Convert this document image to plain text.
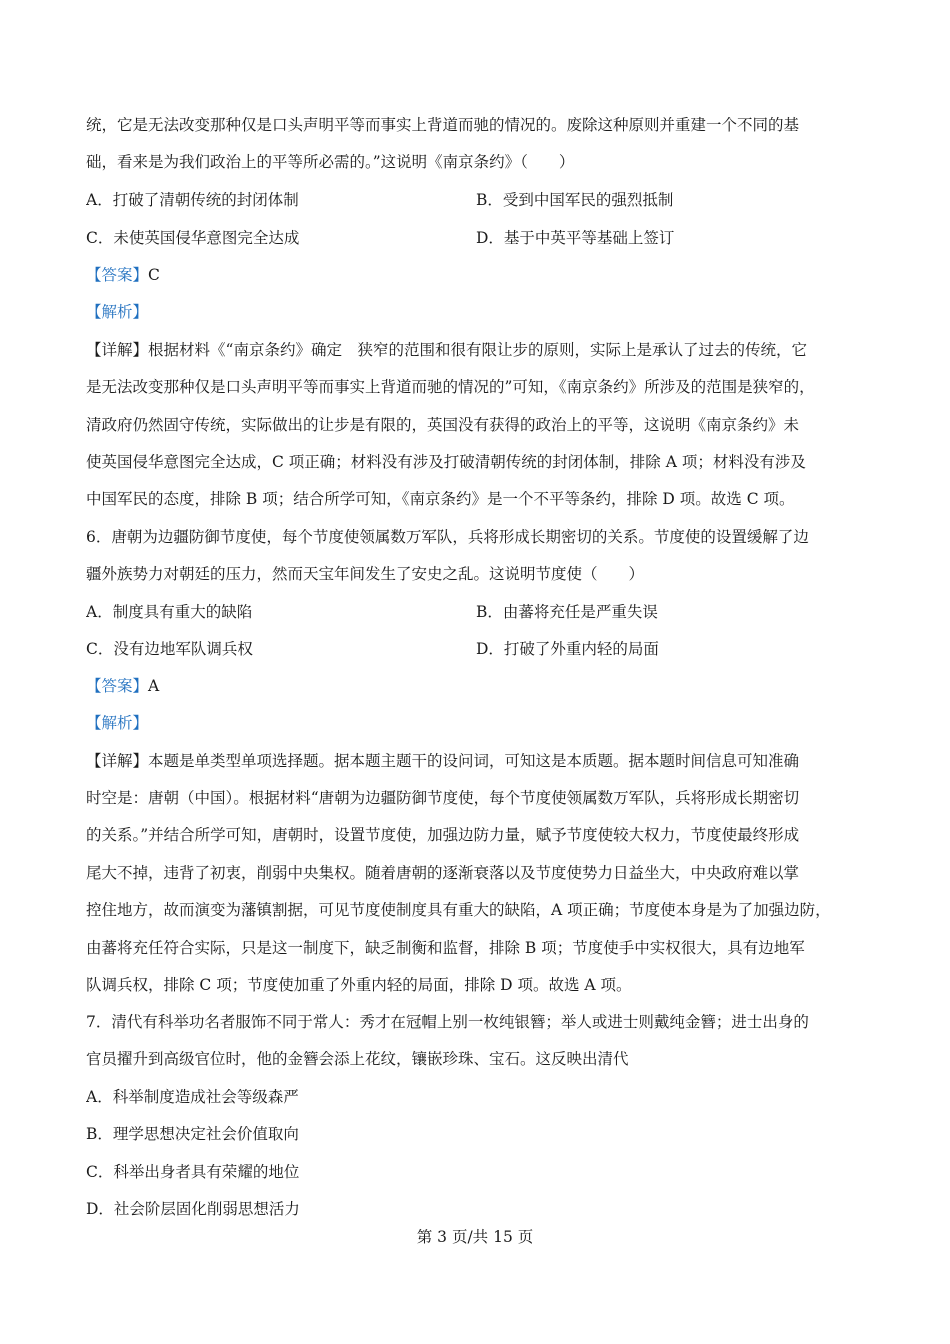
统，它是无法改变那种仅是口头声明平等而事实上背道而驰的情况的。废除这种原则并重建一个不同的基
础，看来是为我们政治上的平等所必需的。”这说明《南京条约》（　　）
A．打破了清朝传统的封闭体制	B．受到中国军民的强烈抵制
C．未使英国侵华意图完全达成	D．基于中英平等基础上签订
【答案】C
【解析】
【详解】根据材料《“南京条约》确定　狭窄的范围和很有限让步的原则，实际上是承认了过去的传统，它
是无法改变那种仅是口头声明平等而事实上背道而驰的情况的”可知，《南京条约》所涉及的范围是狭窄的，
清政府仍然固守传统，实际做出的让步是有限的，英国没有获得的政治上的平等，这说明《南京条约》未
使英国侵华意图完全达成，C 项正确；材料没有涉及打破清朝传统的封闭体制，排除 A 项；材料没有涉及
中国军民的态度，排除 B 项；结合所学可知，《南京条约》是一个不平等条约，排除 D 项。故选 C 项。
6．唐朝为边疆防御节度使，每个节度使领属数万军队，兵将形成长期密切的关系。节度使的设置缓解了边
疆外族势力对朝廷的压力，然而天宝年间发生了安史之乱。这说明节度使（　　）
A．制度具有重大的缺陷	B．由蕃将充任是严重失误
C．没有边地军队调兵权	D．打破了外重内轻的局面
【答案】A
【解析】
【详解】本题是单类型单项选择题。据本题主题干的设问词，可知这是本质题。据本题时间信息可知准确
时空是：唐朝（中国）。根据材料“唐朝为边疆防御节度使，每个节度使领属数万军队，兵将形成长期密切
的关系。”并结合所学可知，唐朝时，设置节度使，加强边防力量，赋予节度使较大权力，节度使最终形成
尾大不掉，违背了初衷，削弱中央集权。随着唐朝的逐渐衰落以及节度使势力日益坐大，中央政府难以掌
控住地方，故而演变为藩镇割据，可见节度使制度具有重大的缺陷，A 项正确；节度使本身是为了加强边防，
由蕃将充任符合实际，只是这一制度下，缺乏制衡和监督，排除 B 项；节度使手中实权很大，具有边地军
队调兵权，排除 C 项；节度使加重了外重内轻的局面，排除 D 项。故选 A 项。
7．清代有科举功名者服饰不同于常人：秀才在冠帽上别一枚纯银簪；举人或进士则戴纯金簪；进士出身的
官员擢升到高级官位时，他的金簪会添上花纹，镶嵌珍珠、宝石。这反映出清代
A．科举制度造成社会等级森严
B．理学思想决定社会价值取向
C．科举出身者具有荣耀的地位
D．社会阶层固化削弱思想活力
第 3 页/共 15 页
